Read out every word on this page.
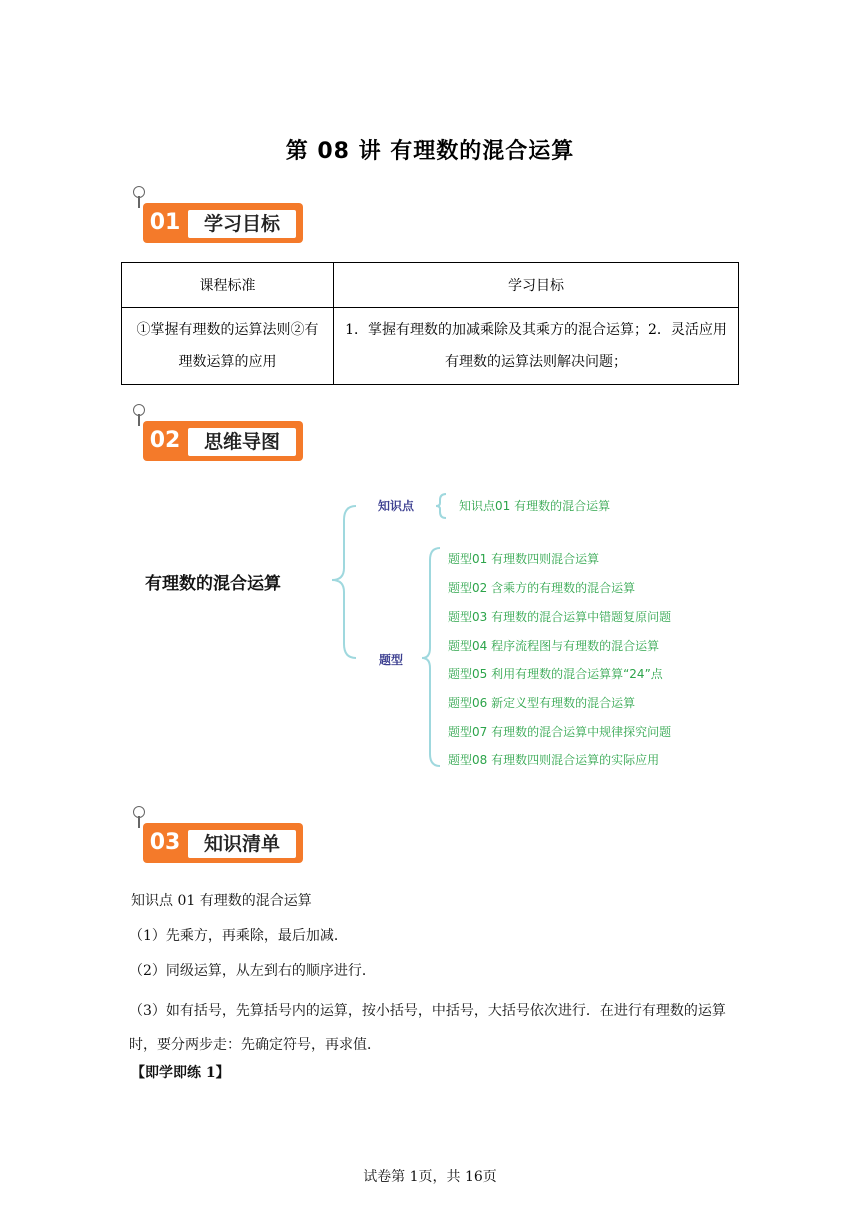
第 08 讲 有理数的混合运算
01	学习目标
课程标准	学习目标
①掌握有理数的运算法则②有理数运算的应用	1．掌握有理数的加减乘除及其乘方的混合运算；2．灵活应用有理数的运算法则解决问题；
02	思维导图
有理数的混合运算
知识点	知识点01 有理数的混合运算
题型
题型01 有理数四则混合运算
题型02 含乘方的有理数的混合运算
题型03 有理数的混合运算中错题复原问题
题型04 程序流程图与有理数的混合运算
题型05 利用有理数的混合运算算“24”点
题型06 新定义型有理数的混合运算
题型07 有理数的混合运算中规律探究问题
题型08 有理数四则混合运算的实际应用
03	知识清单
知识点 01 有理数的混合运算
（1）先乘方，再乘除，最后加减．
（2）同级运算，从左到右的顺序进行．
（3）如有括号，先算括号内的运算，按小括号，中括号，大括号依次进行．在进行有理数的运算时，要分两步走：先确定符号，再求值．
【即学即练 1】
试卷第 1页，共 16页
